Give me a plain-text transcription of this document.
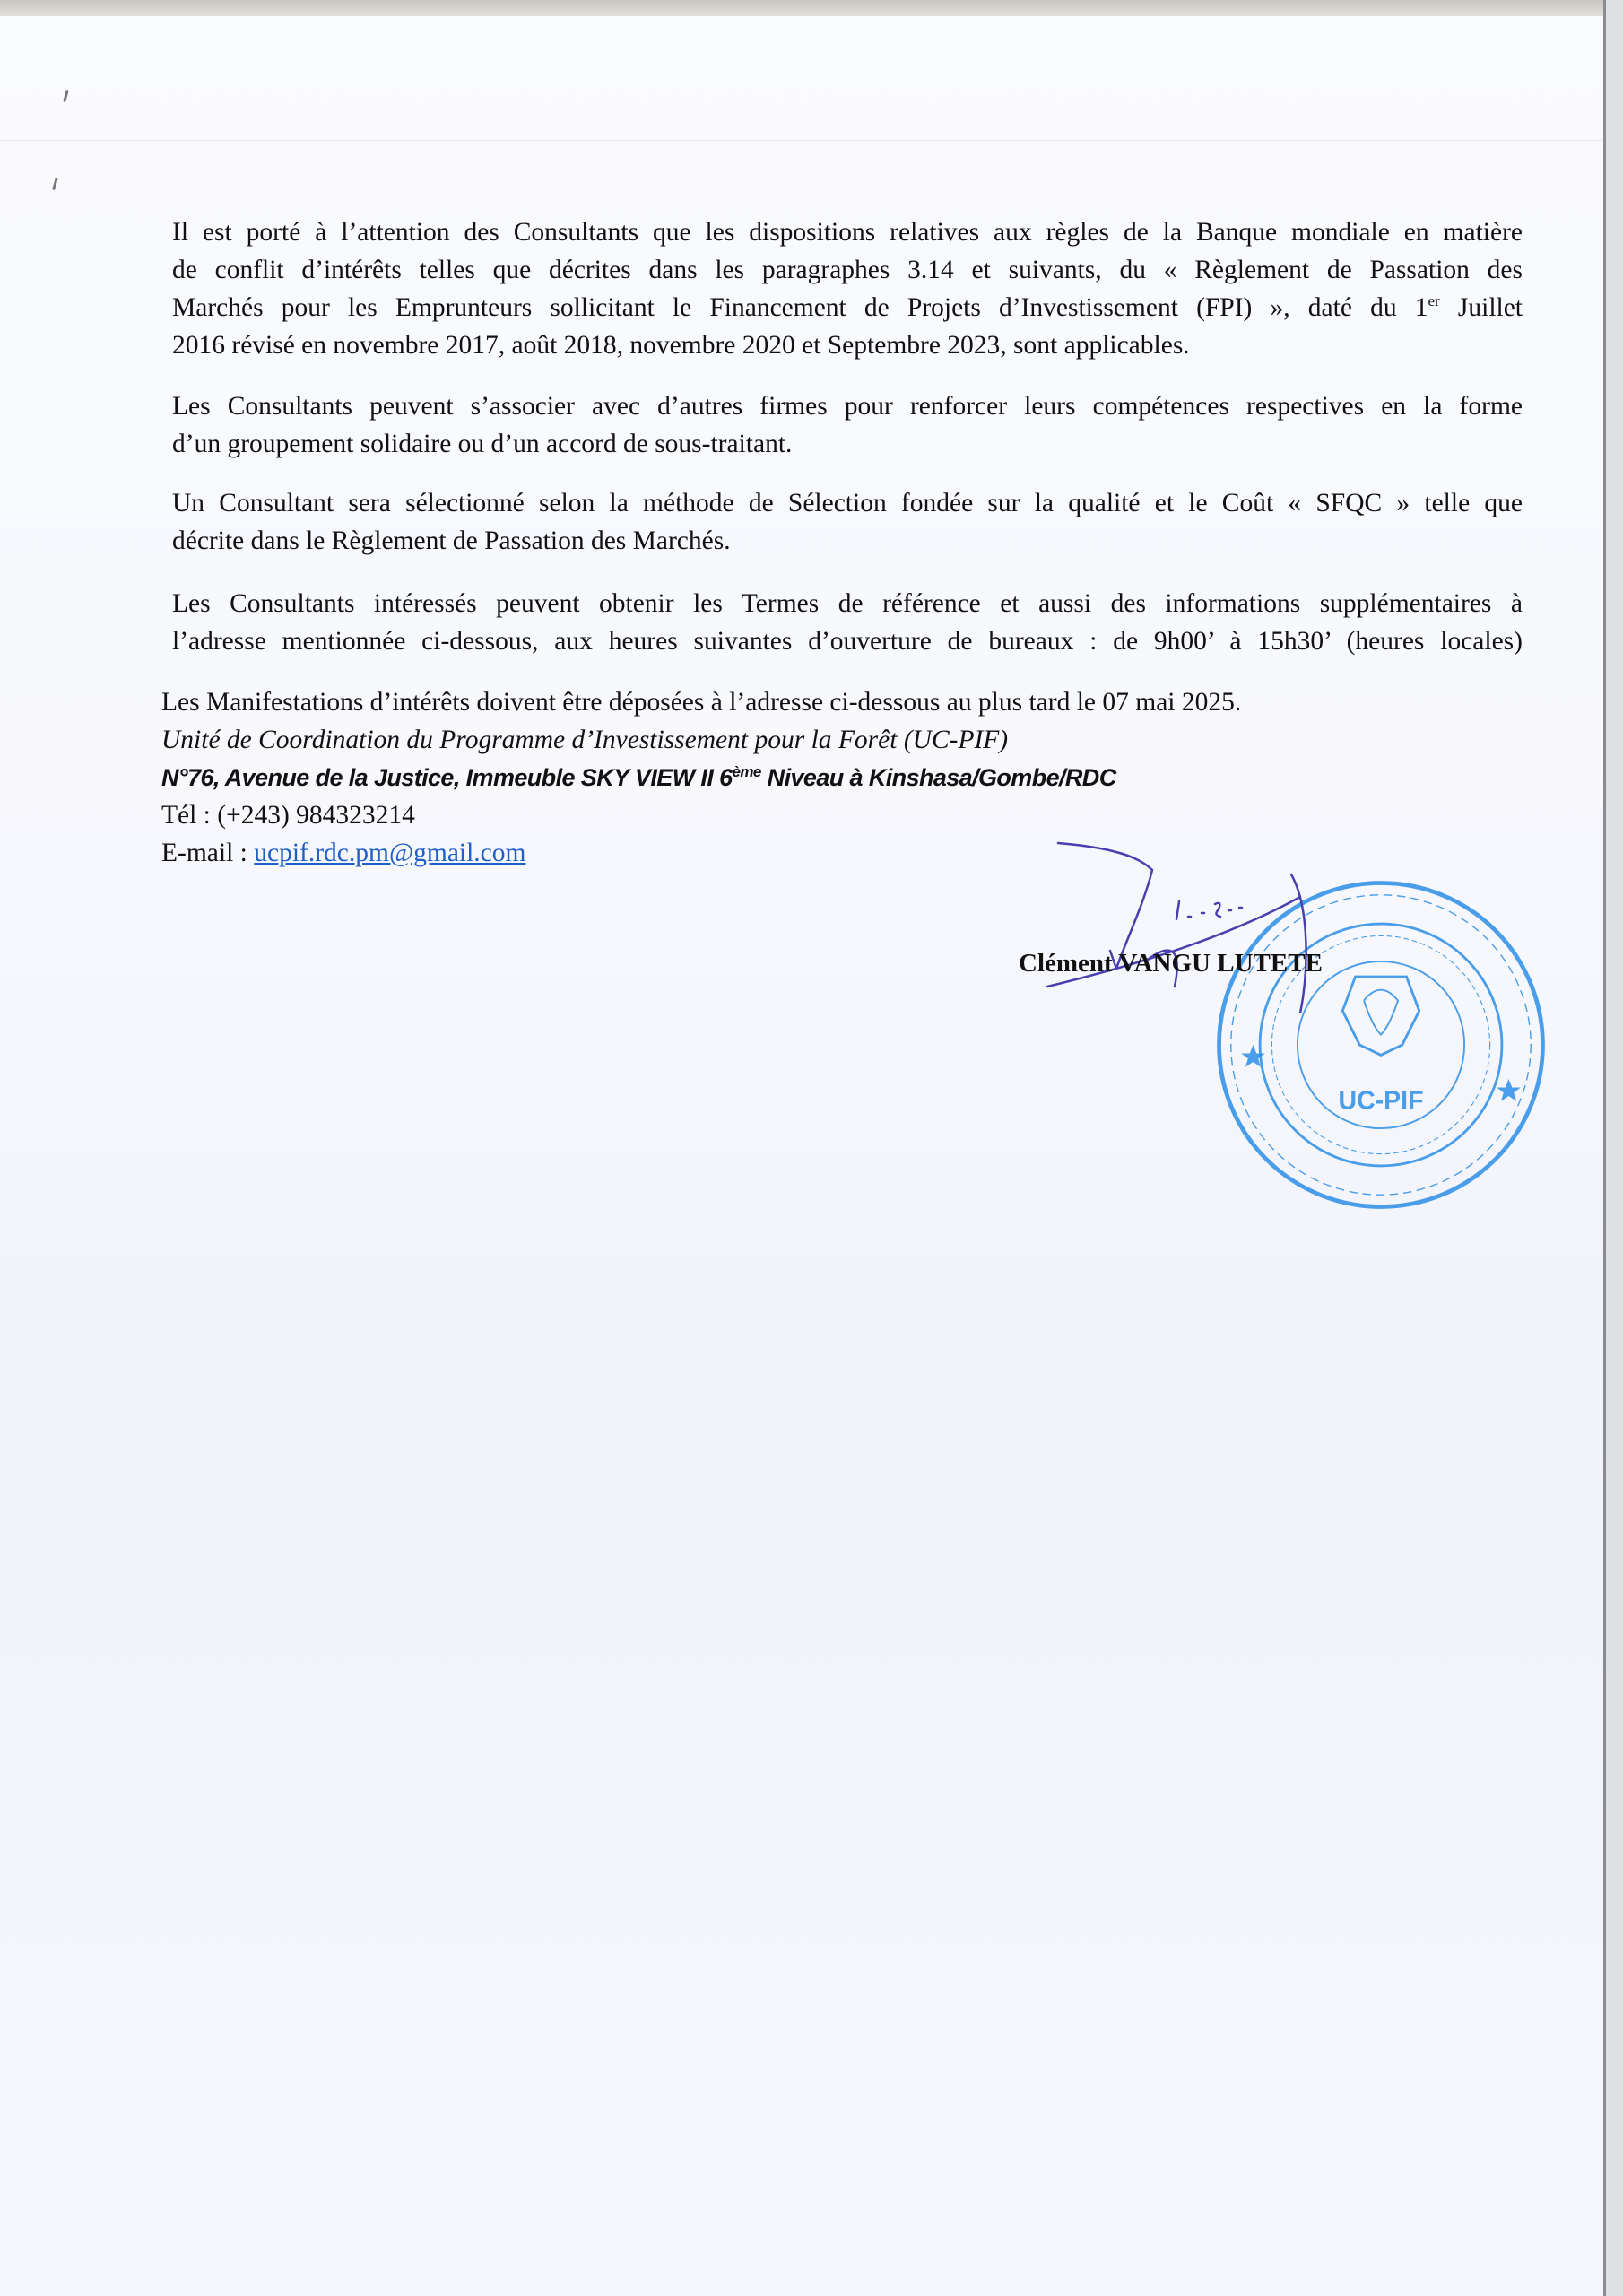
Il est porté à l’attention des Consultants que les dispositions relatives aux règles de la Banque mondiale en matière
de conflit d’intérêts telles que décrites dans les paragraphes 3.14 et suivants, du « Règlement de Passation des
Marchés pour les Emprunteurs sollicitant le Financement de Projets d’Investissement (FPI) », daté du 1er Juillet
2016 révisé en novembre 2017, août 2018, novembre 2020 et Septembre 2023, sont applicables.
Les Consultants peuvent s’associer avec d’autres firmes pour renforcer leurs compétences respectives en la forme
d’un groupement solidaire ou d’un accord de sous-traitant.
Un Consultant sera sélectionné selon la méthode de Sélection fondée sur la qualité et le Coût « SFQC » telle que
décrite dans le Règlement de Passation des Marchés.
Les Consultants intéressés peuvent obtenir les Termes de référence et aussi des informations supplémentaires à
l’adresse mentionnée ci-dessous, aux heures suivantes d’ouverture de bureaux : de 9h00’ à 15h30’ (heures locales)
Les Manifestations d’intérêts doivent être déposées à l’adresse ci-dessous au plus tard le 07 mai 2025.
Unité de Coordination du Programme d’Investissement pour la Forêt (UC-PIF)
N°76, Avenue de la Justice, Immeuble SKY VIEW II 6ème Niveau à Kinshasa/Gombe/RDC
Tél : (+243) 984323214
E-mail : ucpif.rdc.pm@gmail.com
UC-PIF
Clément VANGU LUTETE
